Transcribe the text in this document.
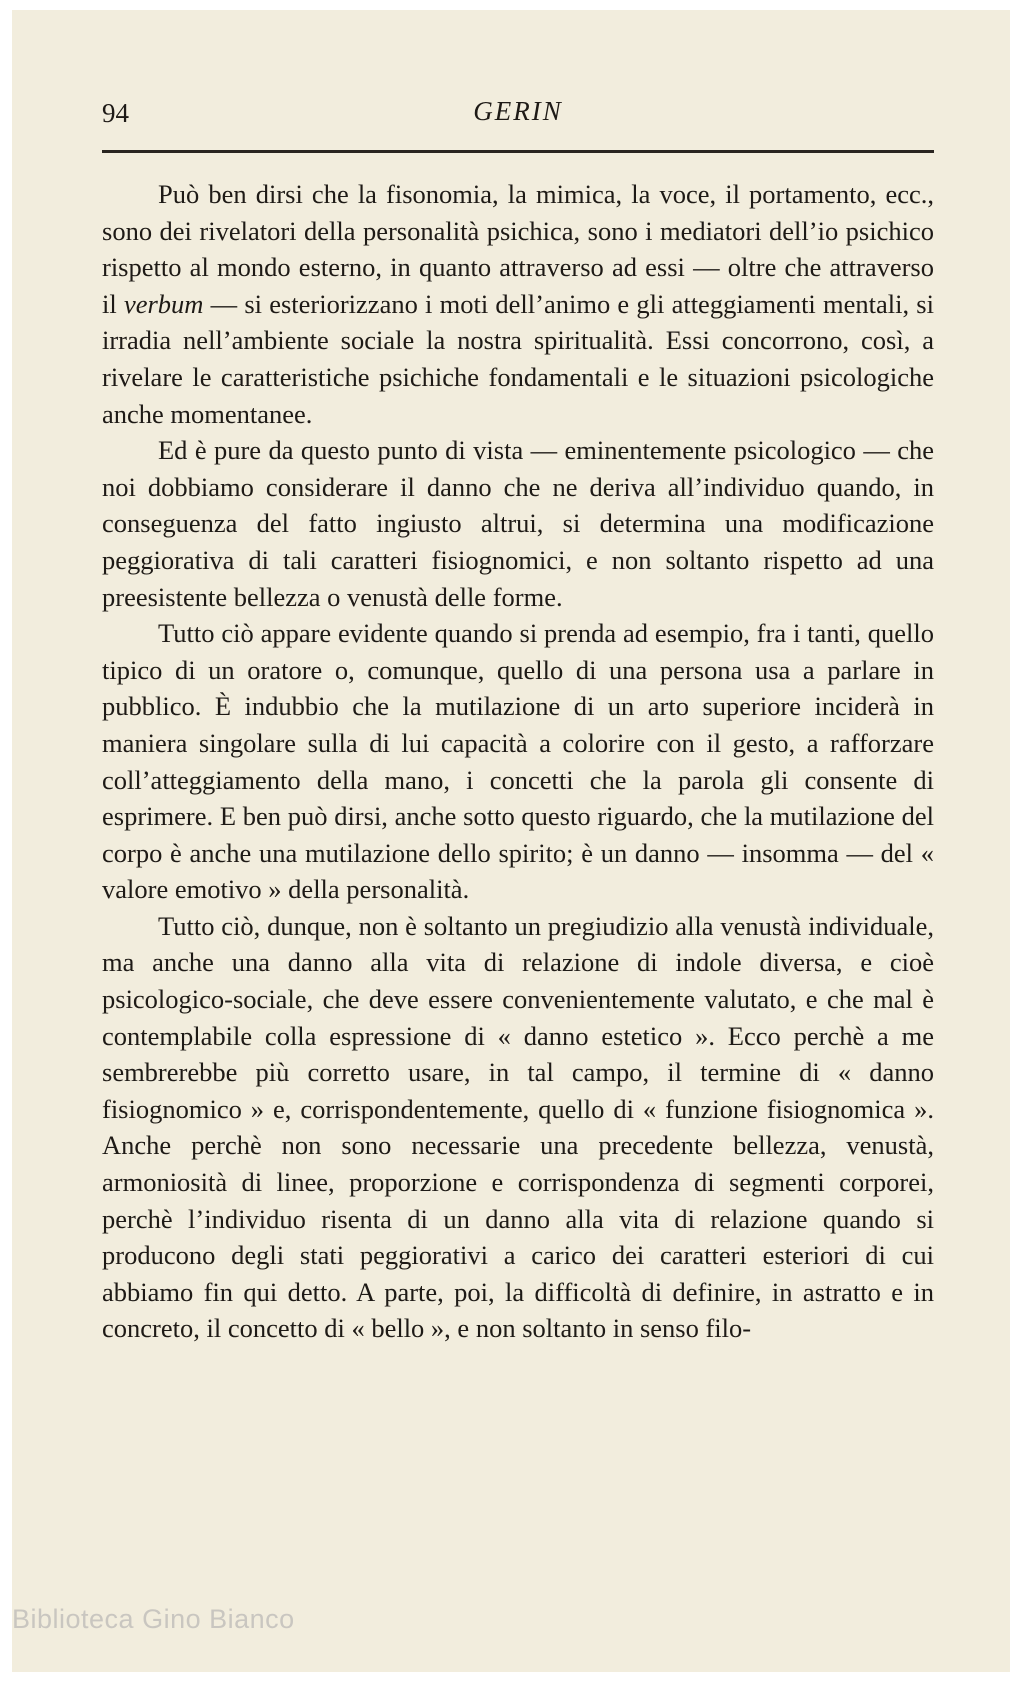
94	GERIN

Può ben dirsi che la fisonomia, la mimica, la voce, il portamento, ecc., sono dei rivelatori della personalità psichica, sono i mediatori dell’io psichico rispetto al mondo esterno, in quanto attraverso ad essi — oltre che attraverso il verbum — si esteriorizzano i moti dell’animo e gli atteggiamenti mentali, si irradia nell’ambiente sociale la nostra spiritualità. Essi concorrono, così, a rivelare le caratteristiche psichiche fondamentali e le situazioni psicologiche anche momentanee.

Ed è pure da questo punto di vista — eminentemente psicologico — che noi dobbiamo considerare il danno che ne deriva all’individuo quando, in conseguenza del fatto ingiusto altrui, si determina una modificazione peggiorativa di tali caratteri fisiognomici, e non soltanto rispetto ad una preesistente bellezza o venustà delle forme.

Tutto ciò appare evidente quando si prenda ad esempio, fra i tanti, quello tipico di un oratore o, comunque, quello di una persona usa a parlare in pubblico. È indubbio che la mutilazione di un arto superiore inciderà in maniera singolare sulla di lui capacità a colorire con il gesto, a rafforzare coll’atteggiamento della mano, i concetti che la parola gli consente di esprimere. E ben può dirsi, anche sotto questo riguardo, che la mutilazione del corpo è anche una mutilazione dello spirito; è un danno — insomma — del « valore emotivo » della personalità.

Tutto ciò, dunque, non è soltanto un pregiudizio alla venustà individuale, ma anche una danno alla vita di relazione di indole diversa, e cioè psicologico-sociale, che deve essere convenientemente valutato, e che mal è contemplabile colla espressione di « danno estetico ». Ecco perchè a me sembrerebbe più corretto usare, in tal campo, il termine di « danno fisiognomico » e, corrispondentemente, quello di « funzione fisiognomica ». Anche perchè non sono necessarie una precedente bellezza, venustà, armoniosità di linee, proporzione e corrispondenza di segmenti corporei, perchè l’individuo risenta di un danno alla vita di relazione quando si producono degli stati peggiorativi a carico dei caratteri esteriori di cui abbiamo fin qui detto. A parte, poi, la difficoltà di definire, in astratto e in concreto, il concetto di « bello », e non soltanto in senso filo-

Biblioteca Gino Bianco
